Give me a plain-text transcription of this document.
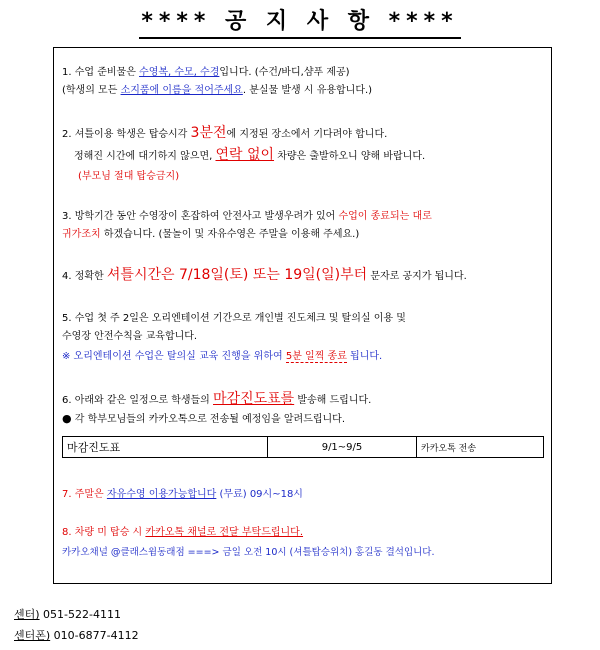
**** 공 지 사 항 ****
1. 수업 준비물은 수영복, 수모, 수경입니다. (수건/바디,샴푸 제공)
(학생의 모든 소지품에 이름을 적어주세요. 분실물 발생 시 유용합니다.)
2. 셔틀이용 학생은 탑승시각 3분전에 지정된 장소에서 기다려야 합니다.
정해진 시간에 대기하지 않으면, 연락 없이 차량은 출발하오니 양해 바랍니다.
(부모님 절대 탑승금지)
3. 방학기간 동안 수영장이 혼잡하여 안전사고 발생우려가 있어 수업이 종료되는 대로
귀가조치 하겠습니다. (물놀이 및 자유수영은 주말을 이용해 주세요.)
4. 정확한 셔틀시간은 7/18일(토) 또는 19일(일)부터 문자로 공지가 됩니다.
5. 수업 첫 주 2일은 오리엔테이션 기간으로 개인별 진도체크 및 탈의실 이용 및
수영장 안전수칙을 교육합니다.
※ 오리엔테이션 수업은 탈의실 교육 진행을 위하여 5분 일찍 종료 됩니다.
6. 아래와 같은 일정으로 학생들의 마감진도표를 발송해 드립니다.
● 각 학부모님들의 카카오톡으로 전송될 예정임을 알려드립니다.
마감진도표	9/1~9/5	카카오톡 전송
7. 주말은 자유수영 이용가능합니다 (무료) 09시~18시
8. 차량 미 탑승 시 카카오톡 채널로 전달 부탁드립니다.
카카오채널 @클래스윔동래점 ===> 금일 오전 10시 (셔틀탑승위치) 홍길동 결석입니다.
센터) 051-522-4111
센터폰) 010-6877-4112
